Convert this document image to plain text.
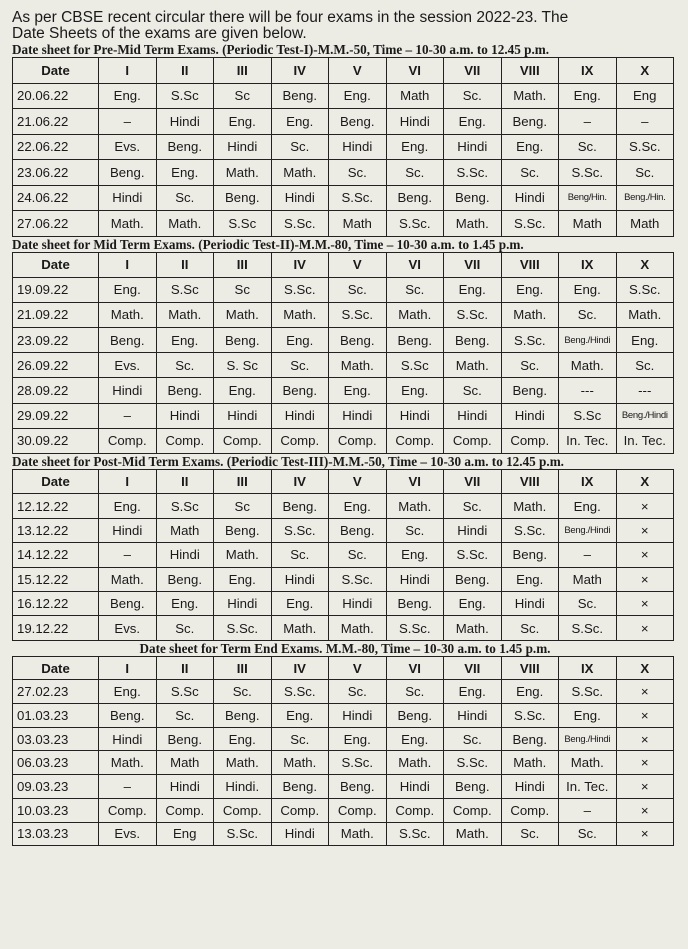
As per CBSE recent circular there will be four exams in the session 2022-23. The
Date Sheets of the exams are given below.

Date sheet for Pre-Mid Term Exams. (Periodic Test-I)-M.M.-50, Time – 10-30 a.m. to 12.45 p.m.
Date	I	II	III	IV	V	VI	VII	VIII	IX	X
20.06.22	Eng.	S.Sc	Sc	Beng.	Eng.	Math	Sc.	Math.	Eng.	Eng
21.06.22	–	Hindi	Eng.	Eng.	Beng.	Hindi	Eng.	Beng.	–	–
22.06.22	Evs.	Beng.	Hindi	Sc.	Hindi	Eng.	Hindi	Eng.	Sc.	S.Sc.
23.06.22	Beng.	Eng.	Math.	Math.	Sc.	Sc.	S.Sc.	Sc.	S.Sc.	Sc.
24.06.22	Hindi	Sc.	Beng.	Hindi	S.Sc.	Beng.	Beng.	Hindi	Beng/Hin.	Beng./Hin.
27.06.22	Math.	Math.	S.Sc	S.Sc.	Math	S.Sc.	Math.	S.Sc.	Math	Math
Date sheet for Mid Term Exams. (Periodic Test-II)-M.M.-80, Time – 10-30 a.m. to 1.45 p.m.
Date	I	II	III	IV	V	VI	VII	VIII	IX	X
19.09.22	Eng.	S.Sc	Sc	S.Sc.	Sc.	Sc.	Eng.	Eng.	Eng.	S.Sc.
21.09.22	Math.	Math.	Math.	Math.	S.Sc.	Math.	S.Sc.	Math.	Sc.	Math.
23.09.22	Beng.	Eng.	Beng.	Eng.	Beng.	Beng.	Beng.	S.Sc.	Beng./Hindi	Eng.
26.09.22	Evs.	Sc.	S. Sc	Sc.	Math.	S.Sc	Math.	Sc.	Math.	Sc.
28.09.22	Hindi	Beng.	Eng.	Beng.	Eng.	Eng.	Sc.	Beng.	---	---
29.09.22	–	Hindi	Hindi	Hindi	Hindi	Hindi	Hindi	Hindi	S.Sc	Beng./Hindi
30.09.22	Comp.	Comp.	Comp.	Comp.	Comp.	Comp.	Comp.	Comp.	In. Tec.	In. Tec.
Date sheet for Post-Mid Term Exams. (Periodic Test-III)-M.M.-50, Time – 10-30 a.m. to 12.45 p.m.
Date	I	II	III	IV	V	VI	VII	VIII	IX	X
12.12.22	Eng.	S.Sc	Sc	Beng.	Eng.	Math.	Sc.	Math.	Eng.	×
13.12.22	Hindi	Math	Beng.	S.Sc.	Beng.	Sc.	Hindi	S.Sc.	Beng./Hindi	×
14.12.22	–	Hindi	Math.	Sc.	Sc.	Eng.	S.Sc.	Beng.	–	×
15.12.22	Math.	Beng.	Eng.	Hindi	S.Sc.	Hindi	Beng.	Eng.	Math	×
16.12.22	Beng.	Eng.	Hindi	Eng.	Hindi	Beng.	Eng.	Hindi	Sc.	×
19.12.22	Evs.	Sc.	S.Sc.	Math.	Math.	S.Sc.	Math.	Sc.	S.Sc.	×
Date sheet for Term End Exams. M.M.-80, Time – 10-30 a.m. to 1.45 p.m.
Date	I	II	III	IV	V	VI	VII	VIII	IX	X
27.02.23	Eng.	S.Sc	Sc.	S.Sc.	Sc.	Sc.	Eng.	Eng.	S.Sc.	×
01.03.23	Beng.	Sc.	Beng.	Eng.	Hindi	Beng.	Hindi	S.Sc.	Eng.	×
03.03.23	Hindi	Beng.	Eng.	Sc.	Eng.	Eng.	Sc.	Beng.	Beng./Hindi	×
06.03.23	Math.	Math	Math.	Math.	S.Sc.	Math.	S.Sc.	Math.	Math.	×
09.03.23	–	Hindi	Hindi.	Beng.	Beng.	Hindi	Beng.	Hindi	In. Tec.	×
10.03.23	Comp.	Comp.	Comp.	Comp.	Comp.	Comp.	Comp.	Comp.	–	×
13.03.23	Evs.	Eng	S.Sc.	Hindi	Math.	S.Sc.	Math.	Sc.	Sc.	×
